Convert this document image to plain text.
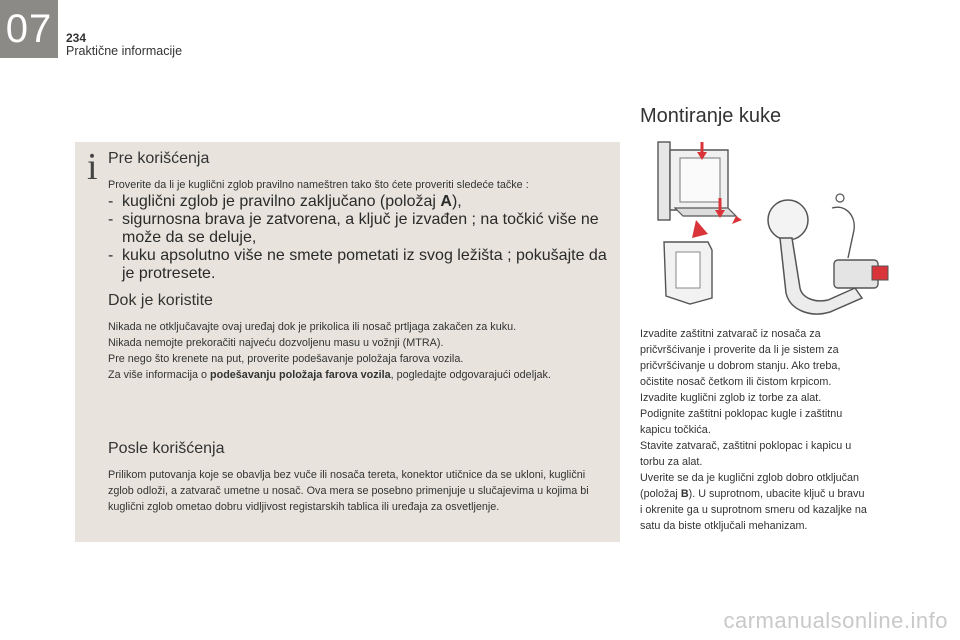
07	234
Praktične informacije
i Pre korišćenja

Proverite da li je kuglični zglob pravilno nameštren tako što ćete proveriti sledeće tačke :

- kuglični zglob je pravilno zaključano (položaj A),
- sigurnosna brava je zatvorena, a ključ je izvađen ; na točkić više ne može da se deluje,
- kuku apsolutno više ne smete pometati iz svog ležišta ; pokušajte da je protresete.
Dok je koristite
Nikada ne otključavajte ovaj uređaj dok je prikolica ili nosač prtljaga zakačen za kuku.
Nikada nemojte prekoračiti najveću dozvoljenu masu u vožnji (MTRA).
Pre nego što krenete na put, proverite podešavanje položaja farova vozila.

Za više informacija o podešavanju položaja farova vozila, pogledajte odgovarajući odeljak.

Posle korišćenja

Prilikom putovanja koje se obavlja bez vuče ili nosača tereta, konektor utičnice da se ukloni, kuglični zglob odloži, a zatvarač umetne u nosač. Ova mera se posebno primenjuje u slučajevima u kojima bi kuglični zglob ometao dobru vidljivost registarskih tablica ili uređaja za osvetljenje.

Montiranje kuke
Izvadite zaštitni zatvarač iz nosača za
pričvršćivanje i proverite da li je sistem za
pričvršćivanje u dobrom stanju. Ako treba,
očistite nosač četkom ili čistom krpicom.
Izvadite kuglični zglob iz torbe za alat.
Podignite zaštitni poklopac kugle i zaštitnu
kapicu točkića.
Stavite zatvarač, zaštitni poklopac i kapicu u
torbu za alat.
Uverite se da je kuglični zglob dobro otključan
(položaj B). U suprotnom, ubacite ključ u bravu
i okrenite ga u suprotnom smeru od kazaljke na
satu da biste otključali mehanizam.
carmanualsonline.info
